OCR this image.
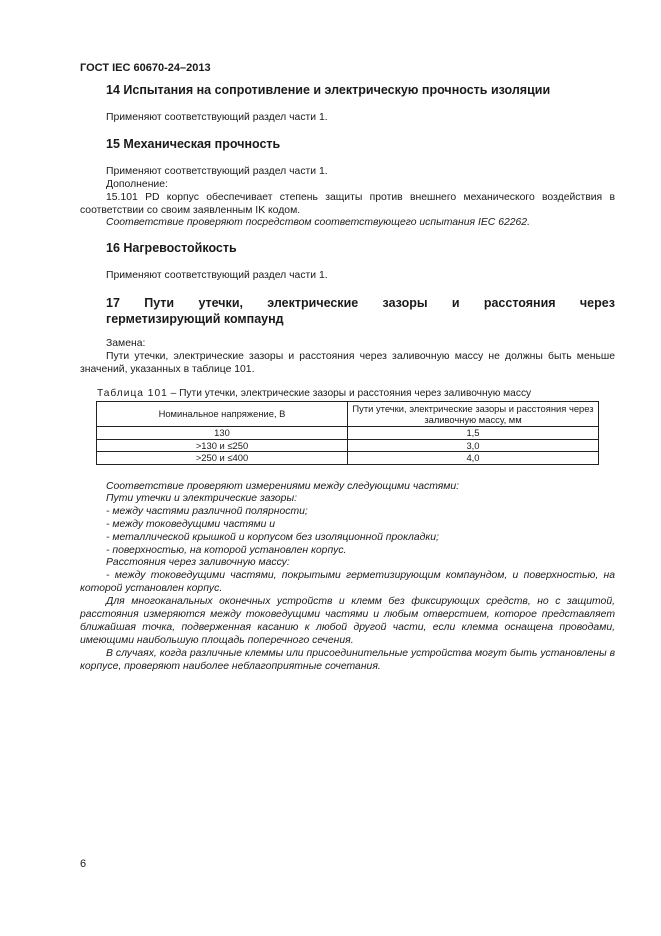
ГОСТ IEC 60670-24–2013
14 Испытания на сопротивление и электрическую прочность изоляции
Применяют соответствующий раздел части 1.
15 Механическая прочность
Применяют соответствующий раздел части 1.
Дополнение:
15.101 PD корпус обеспечивает степень защиты против внешнего механического воздействия в соответствии со своим заявленным IK кодом.
Соответствие проверяют посредством соответствующего испытания IEC 62262.
16 Нагревостойкость
Применяют соответствующий раздел части 1.
17 Пути утечки, электрические зазоры и расстояния через
герметизирующий компаунд
Замена:
Пути утечки, электрические зазоры и расстояния через заливочную массу не должны быть меньше значений, указанных в таблице 101.
Таблица 101 – Пути утечки, электрические зазоры и расстояния через заливочную массу
Номинальное напряжение, В	Пути утечки, электрические зазоры и расстояния через заливочную массу, мм
130	1,5
>130 и ≤250	3,0
>250 и ≤400	4,0
Соответствие проверяют измерениями между следующими частями:
Пути утечки и электрические зазоры:
- между частями различной полярности;
- между токоведущими частями и
- металлической крышкой и корпусом без изоляционной прокладки;
- поверхностью, на которой установлен корпус.
Расстояния через заливочную массу:
- между токоведущими частями, покрытыми герметизирующим компаундом, и поверхностью, на которой установлен корпус.
Для многоканальных оконечных устройств и клемм без фиксирующих средств, но с защитой, расстояния измеряются между токоведущими частями и любым отверстием, которое представляет ближайшая точка, подверженная касанию к любой другой части, если клемма оснащена проводами, имеющими наибольшую площадь поперечного сечения.
В случаях, когда различные клеммы или присоединительные устройства могут быть установлены в корпусе, проверяют наиболее неблагоприятные сочетания.
6
